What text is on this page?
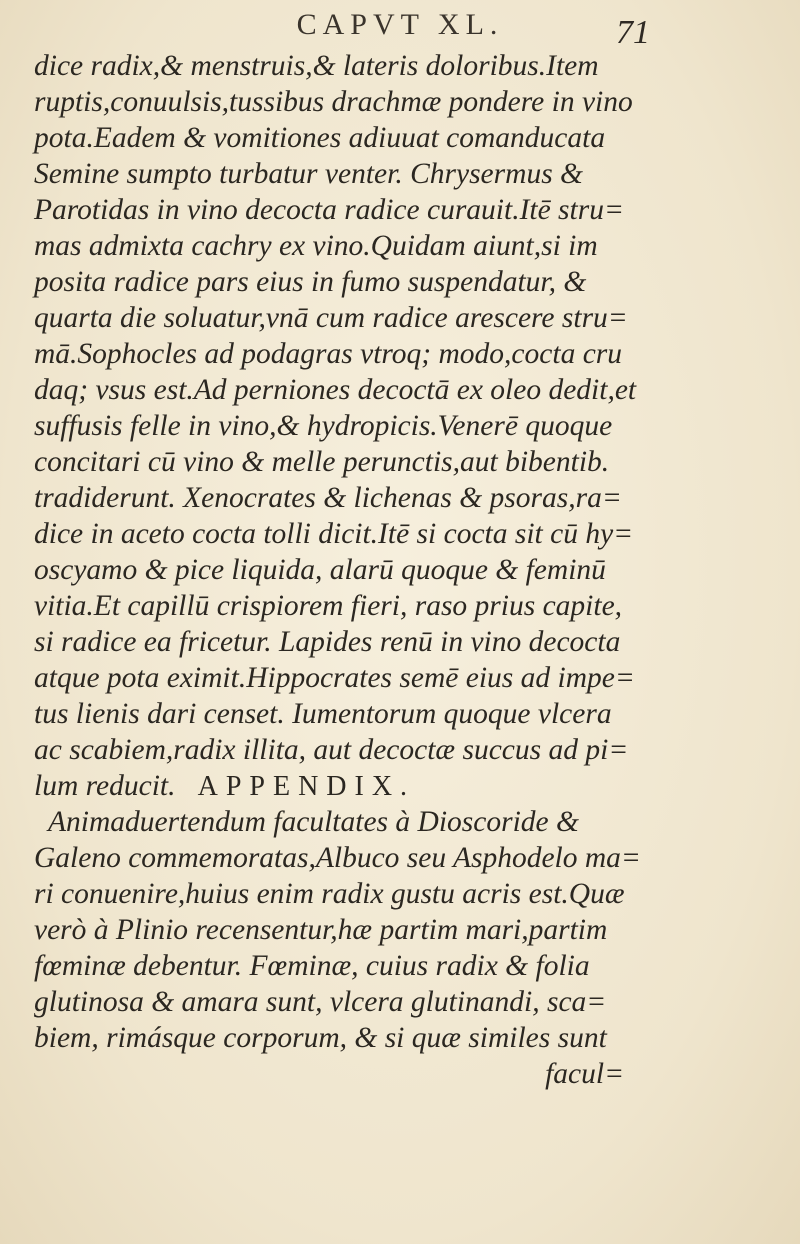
CAPVT XL.	71
dice radix,& menstruis,& lateris doloribus.Item
ruptis,conuulsis,tussibus drachmæ pondere in vino
pota.Eadem & vomitiones adiuuat comanducata
Semine sumpto turbatur venter. Chrysermus &
Parotidas in vino decocta radice curauit.Itē stru=
mas admixta cachry ex vino.Quidam aiunt,si im
posita radice pars eius in fumo suspendatur, &
quarta die soluatur,vnā cum radice arescere stru=
mā.Sophocles ad podagras vtroq; modo,cocta cru
daq; vsus est.Ad perniones decoctā ex oleo dedit,et
suffusis felle in vino,& hydropicis.Venerē quoque
concitari cū vino & melle perunctis,aut bibentib.
tradiderunt. Xenocrates & lichenas & psoras,ra=
dice in aceto cocta tolli dicit.Itē si cocta sit cū hy=
oscyamo & pice liquida, alarū quoque & feminū
vitia.Et capillū crispiorem fieri, raso prius capite,
si radice ea fricetur. Lapides renū in vino decocta
atque pota eximit.Hippocrates semē eius ad impe=
tus lienis dari censet. Iumentorum quoque vlcera
ac scabiem,radix illita, aut decoctæ succus ad pi=
lum reducit. APPENDIX.
Animaduertendum facultates à Dioscoride &
Galeno commemoratas,Albuco seu Asphodelo ma=
ri conuenire,huius enim radix gustu acris est.Quæ
verò à Plinio recensentur,hæ partim mari,partim
fœminæ debentur. Fœminæ, cuius radix & folia
glutinosa & amara sunt, vlcera glutinandi, sca=
biem, rimásque corporum, & si quæ similes sunt
facul=
